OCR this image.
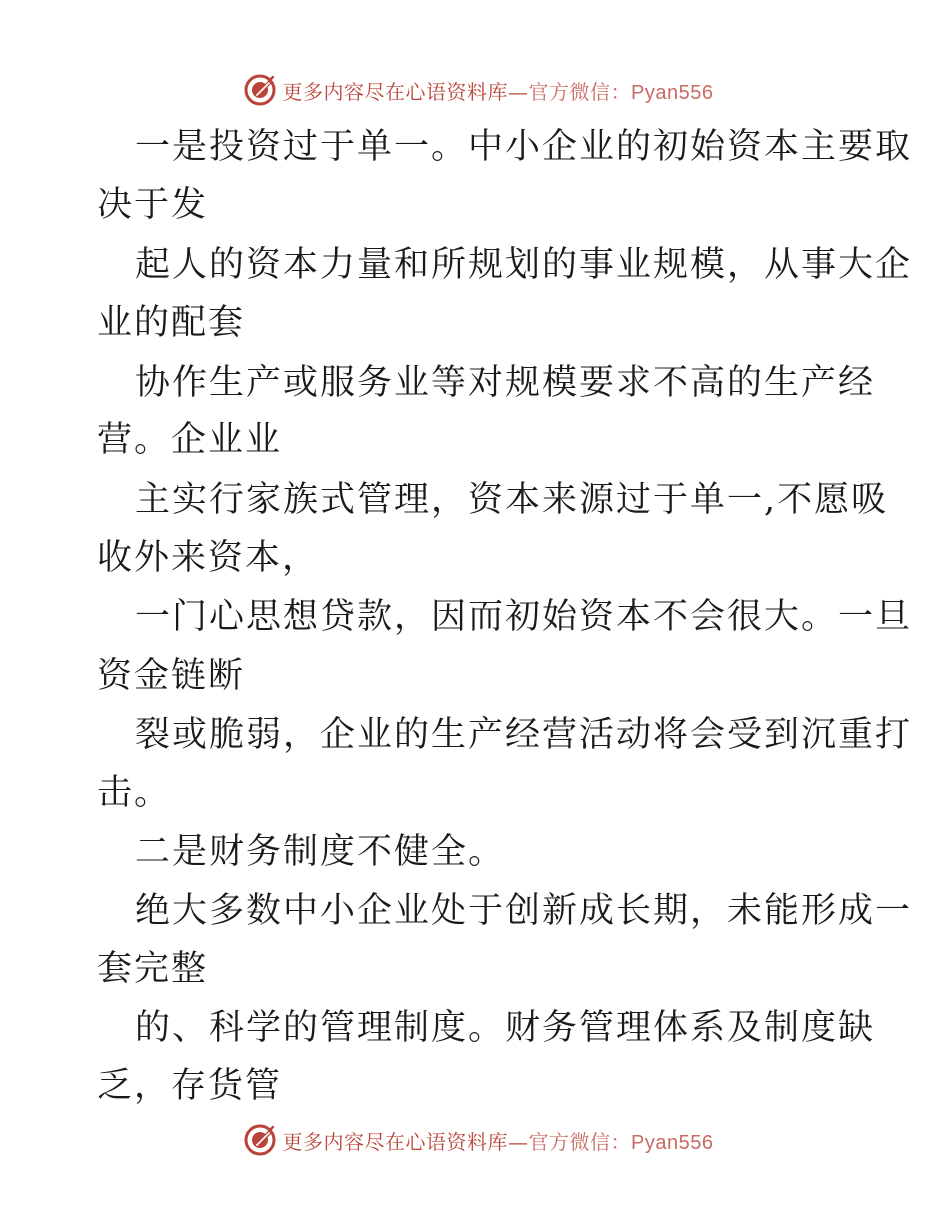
更多内容尽在心语资料库—官方微信：Pyan556
一是投资过于单一。中小企业的初始资本主要取
决于发
起人的资本力量和所规划的事业规模，从事大企
业的配套
协作生产或服务业等对规模要求不高的生产经
营。企业业
主实行家族式管理，资本来源过于单一,不愿吸
收外来资本，
一门心思想贷款，因而初始资本不会很大。一旦
资金链断
裂或脆弱，企业的生产经营活动将会受到沉重打
击。
二是财务制度不健全。
绝大多数中小企业处于创新成长期，未能形成一
套完整
的、科学的管理制度。财务管理体系及制度缺
乏，存货管
更多内容尽在心语资料库—官方微信：Pyan556
